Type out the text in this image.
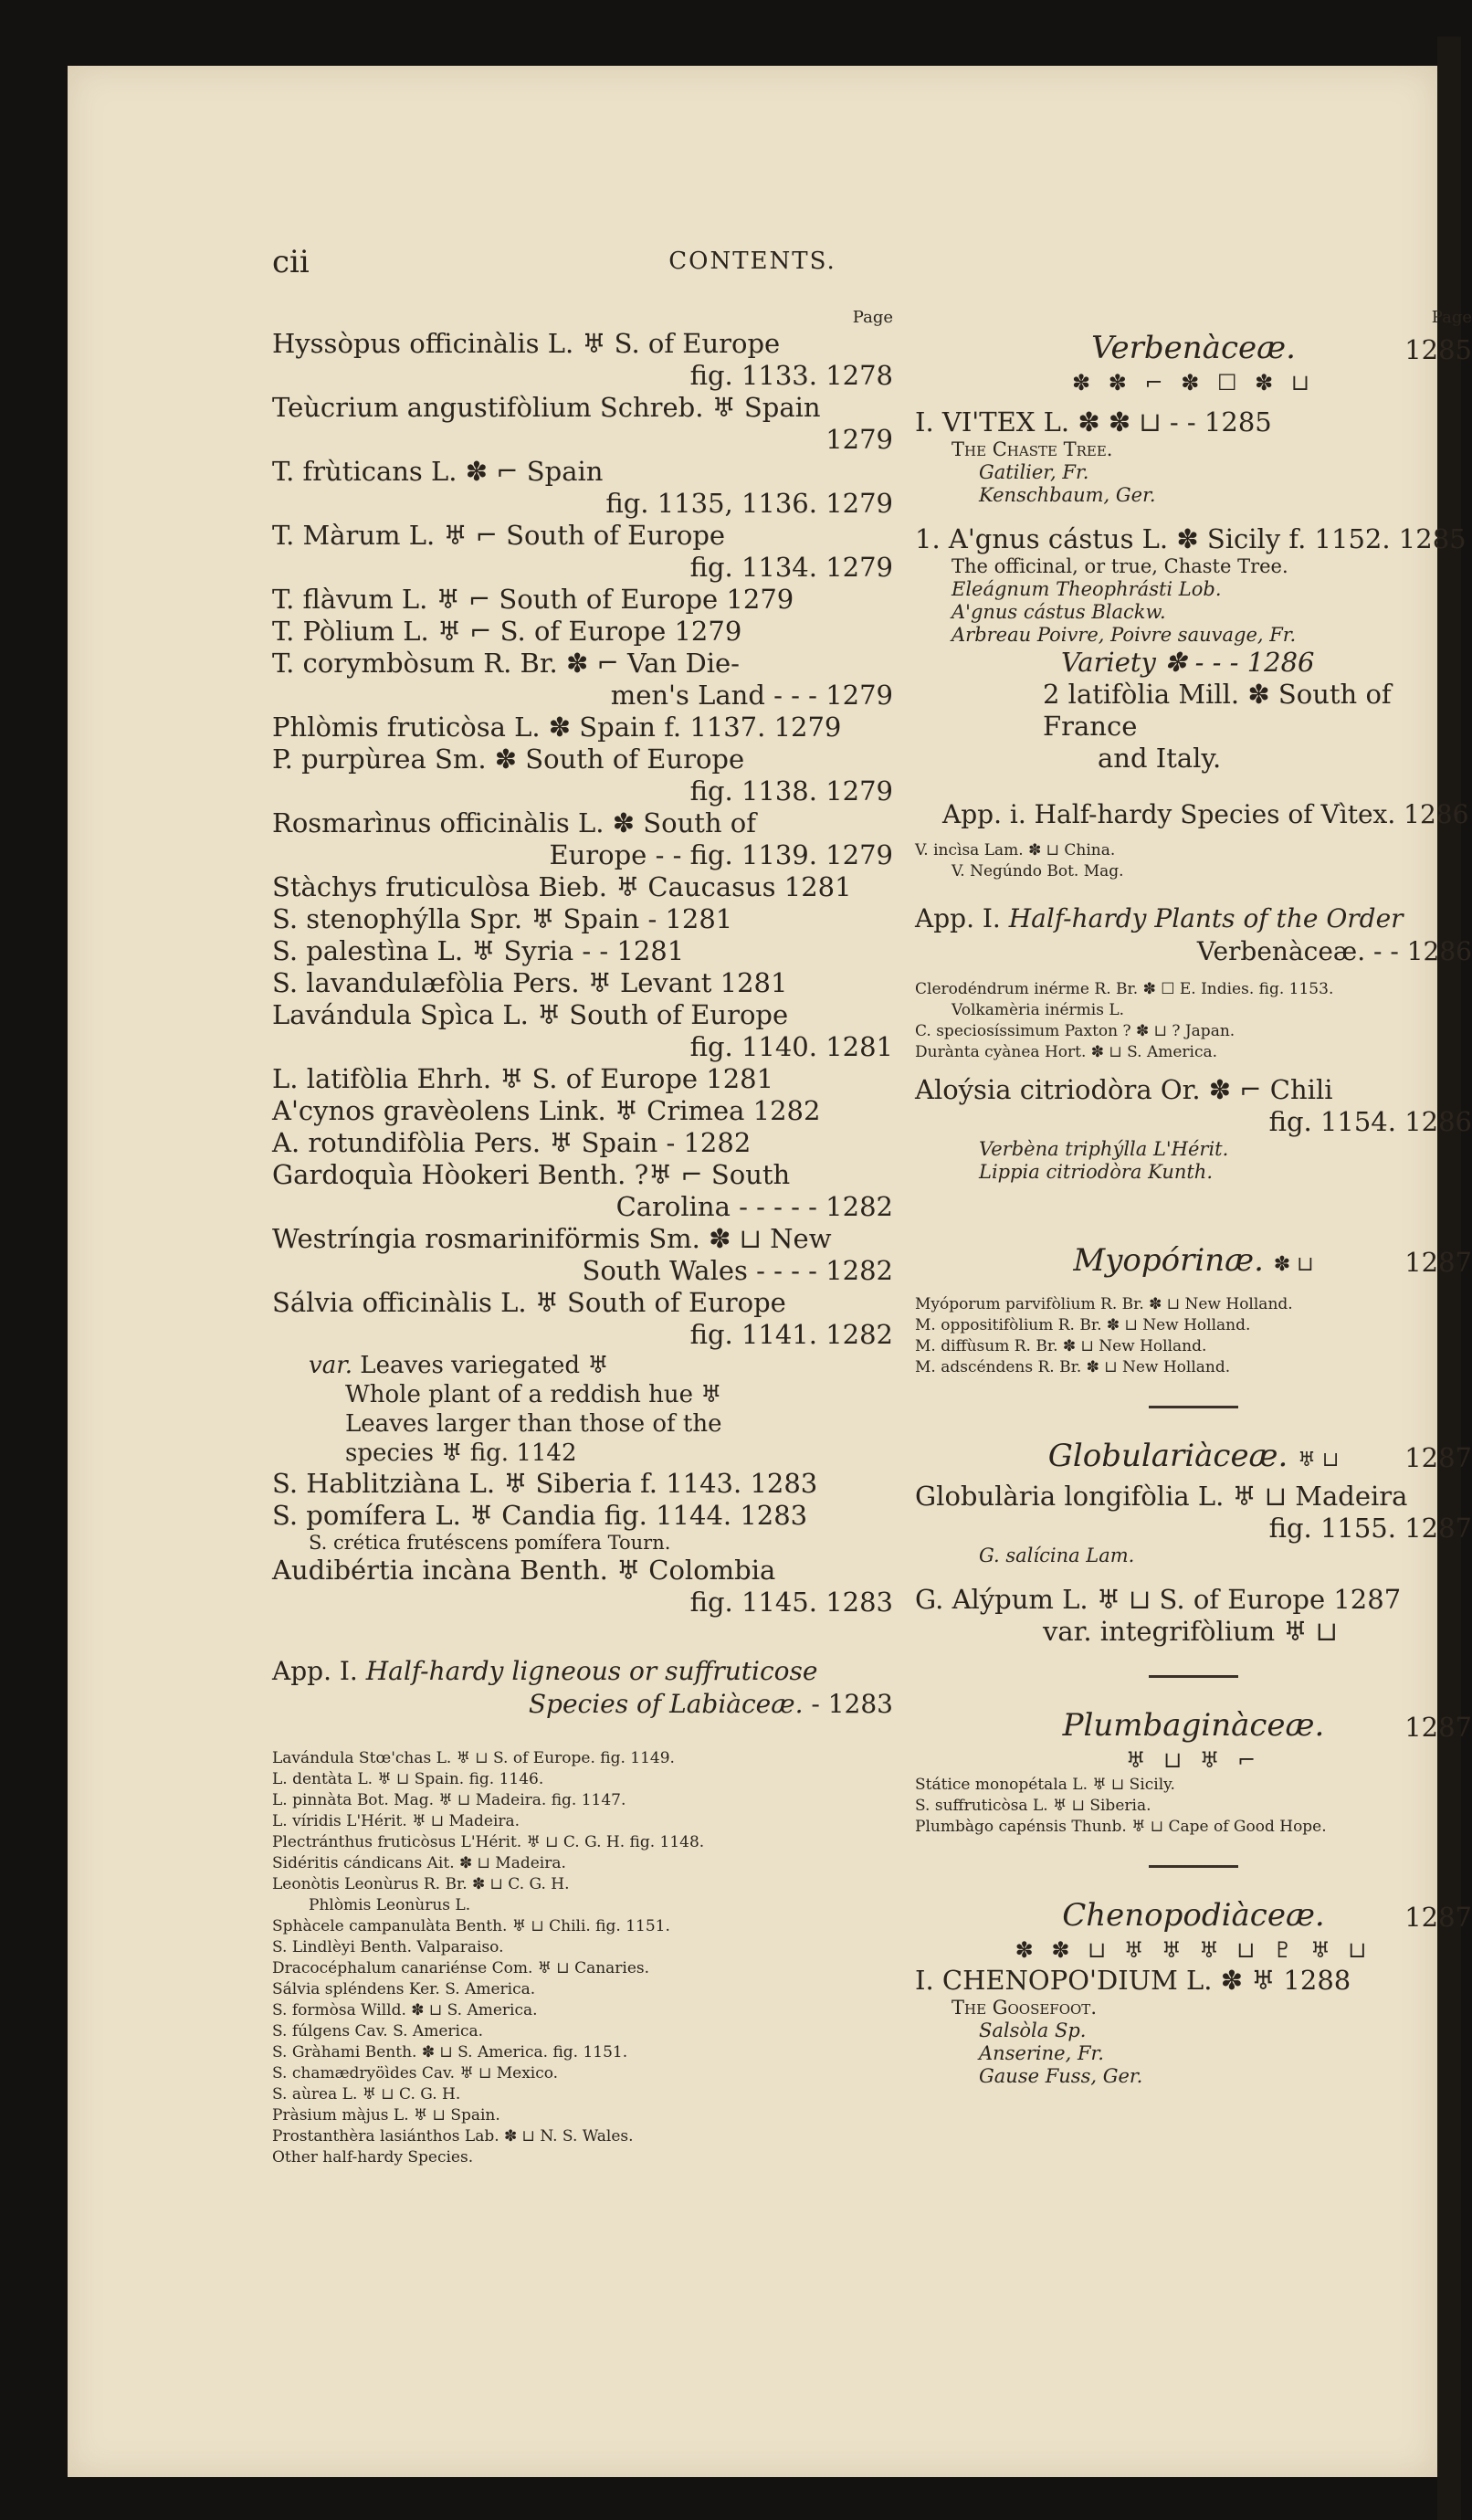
cii	CONTENTS.
Page
Hyssòpus officinàlis L. ♅ S. of Europe
fig. 1133. 1278
Teùcrium angustifòlium Schreb. ♅ Spain
1279
T. frùticans L. ✽ ⌐ Spain
fig. 1135, 1136. 1279
T. Màrum L. ♅ ⌐ South of Europe
fig. 1134. 1279
T. flàvum L. ♅ ⌐ South of Europe 1279
T. Pòlium L. ♅ ⌐ S. of Europe 1279
T. corymbòsum R. Br. ✽ ⌐ Van Die-
men's Land - - - 1279
Phlòmis fruticòsa L. ✽ Spain f. 1137. 1279
P. purpùrea Sm. ✽ South of Europe
fig. 1138. 1279
Rosmarìnus officinàlis L. ✽ South of
Europe - - fig. 1139. 1279
Stàchys fruticulòsa Bieb. ♅ Caucasus 1281
S. stenophýlla Spr. ♅ Spain - 1281
S. palestìna L. ♅ Syria - - 1281
S. lavandulæfòlia Pers. ♅ Levant 1281
Lavándula Spìca L. ♅ South of Europe
fig. 1140. 1281
L. latifòlia Ehrh. ♅ S. of Europe 1281
A'cynos gravèolens Link. ♅ Crimea 1282
A. rotundifòlia Pers. ♅ Spain - 1282
Gardoquìa Hòokeri Benth. ?♅ ⌐ South
Carolina - - - - - 1282
Westríngia rosmariniförmis Sm. ✽ ⊔ New
South Wales - - - - 1282
Sálvia officinàlis L. ♅ South of Europe
fig. 1141. 1282
var. Leaves variegated ♅
Whole plant of a reddish hue ♅
Leaves larger than those of the
species ♅ fig. 1142
S. Hablitziàna L. ♅ Siberia f. 1143. 1283
S. pomífera L. ♅ Candia fig. 1144. 1283
S. crética frutéscens pomífera Tourn.
Audibértia incàna Benth. ♅ Colombia
fig. 1145. 1283
App. I. Half-hardy ligneous or suffruticose
Species of Labiàceæ. - 1283
Lavándula Stœ'chas L. ♅ ⊔ S. of Europe. fig. 1149.
L. dentàta L. ♅ ⊔ Spain. fig. 1146.
L. pinnàta Bot. Mag. ♅ ⊔ Madeira. fig. 1147.
L. víridis L'Hérit. ♅ ⊔ Madeira.
Plectránthus fruticòsus L'Hérit. ♅ ⊔ C. G. H. fig. 1148.
Sidéritis cándicans Ait. ✽ ⊔ Madeira.
Leonòtis Leonùrus R. Br. ✽ ⊔ C. G. H.
Phlòmis Leonùrus L.
Sphàcele campanulàta Benth. ♅ ⊔ Chili. fig. 1151.
S. Lindlèyi Benth. Valparaiso.
Dracocéphalum canariénse Com. ♅ ⊔ Canaries.
Sálvia spléndens Ker. S. America.
S. formòsa Willd. ✽ ⊔ S. America.
S. fúlgens Cav. S. America.
S. Gràhami Benth. ✽ ⊔ S. America. fig. 1151.
S. chamædryöìdes Cav. ♅ ⊔ Mexico.
S. aùrea L. ♅ ⊔ C. G. H.
Pràsium màjus L. ♅ ⊔ Spain.
Prostanthèra lasiánthos Lab. ✽ ⊔ N. S. Wales.
Other half-hardy Species.
Page
Verbenàceæ.	1285
✽ ✽ ⌐ ✽ ☐ ✽ ⊔
I. VI'TEX L. ✽ ✽ ⊔ - - 1285
The Chaste Tree.
Gatilier, Fr.
Kenschbaum, Ger.
1. A'gnus cástus L. ✽ Sicily f. 1152. 1285
The officinal, or true, Chaste Tree.
Eleágnum Theophrásti Lob.
A'gnus cástus Blackw.
Arbreau Poivre, Poivre sauvage, Fr.
Variety ✽ - - - 1286
2 latifòlia Mill. ✽ South of France
and Italy.
App. i. Half-hardy Species of Vìtex. 1286
V. incìsa Lam. ✽ ⊔ China.
V. Negúndo Bot. Mag.
App. I. Half-hardy Plants of the Order
Verbenàceæ. - - 1286
Clerodéndrum inérme R. Br. ✽ ☐ E. Indies. fig. 1153.
Volkamèria inérmis L.
C. speciosíssimum Paxton ? ✽ ⊔ ? Japan.
Durànta cyànea Hort. ✽ ⊔ S. America.
Aloýsia citriodòra Or. ✽ ⌐ Chili
fig. 1154. 1286
Verbèna triphýlla L'Hérit.
Lippia citriodòra Kunth.
Myopórinæ. ✽ ⊔	1287
Myóporum parvifòlium R. Br. ✽ ⊔ New Holland.
M. oppositifòlium R. Br. ✽ ⊔ New Holland.
M. diffùsum R. Br. ✽ ⊔ New Holland.
M. adscéndens R. Br. ✽ ⊔ New Holland.
Globulariàceæ. ♅ ⊔ 1287
Globulària longifòlia L. ♅ ⊔ Madeira
fig. 1155. 1287
G. salícina Lam.
G. Alýpum L. ♅ ⊔ S. of Europe 1287
var. integrifòlium ♅ ⊔
Plumbaginàceæ.	1287
♅ ⊔ ♅ ⌐
Státice monopétala L. ♅ ⊔ Sicily.
S. suffruticòsa L. ♅ ⊔ Siberia.
Plumbàgo capénsis Thunb. ♅ ⊔ Cape of Good Hope.
Chenopodiàceæ.	1287
✽ ✽ ⊔ ♅ ♅ ♅ ⊔ ♇ ♅ ⊔
I. CHENOPO'DIUM L. ✽ ♅ 1288
The Goosefoot.
Salsòla Sp.
Anserine, Fr.
Gause Fuss, Ger.
